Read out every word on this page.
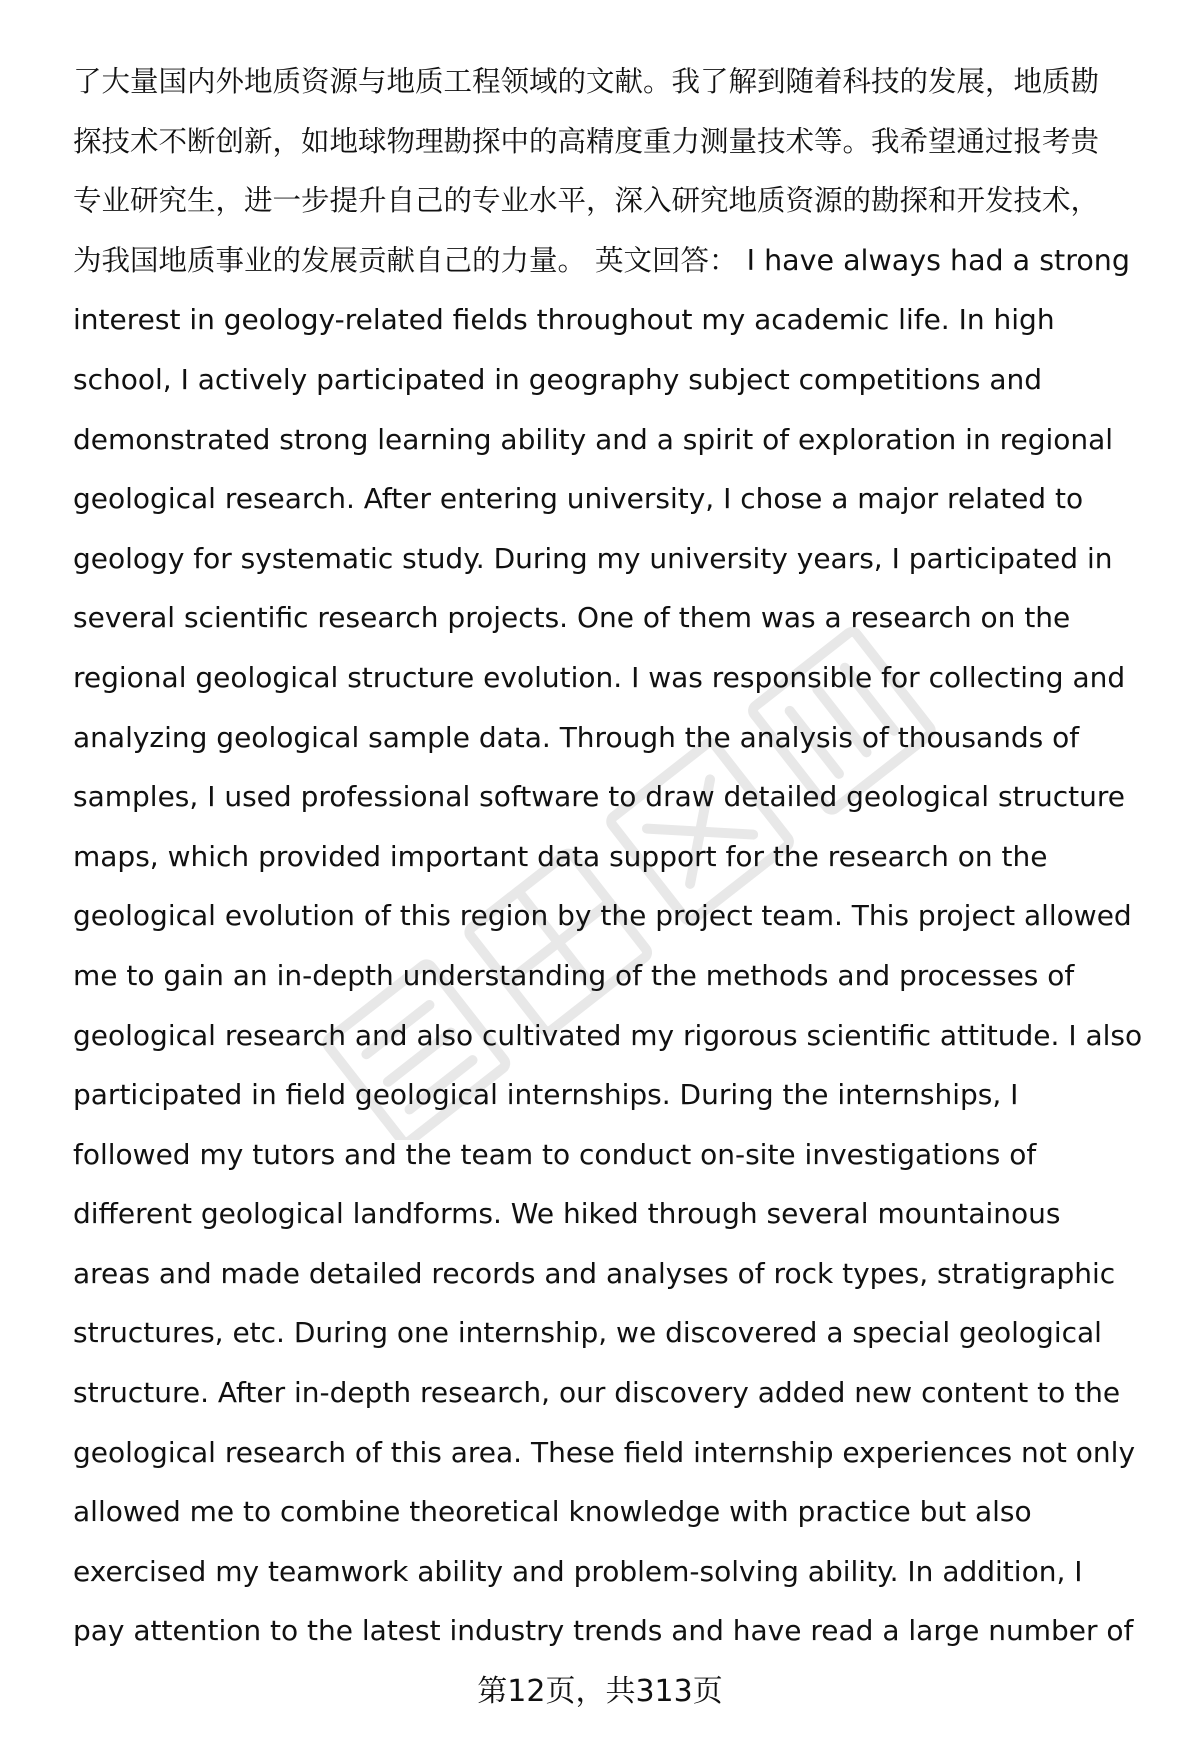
了大量国内外地质资源与地质工程领域的文献。我了解到随着科技的发展，地质勘
探技术不断创新，如地球物理勘探中的高精度重力测量技术等。我希望通过报考贵
专业研究生，进一步提升自己的专业水平，深入研究地质资源的勘探和开发技术，
为我国地质事业的发展贡献自己的力量。 英文回答： I have always had a strong
interest in geology-related fields throughout my academic life. In high
school, I actively participated in geography subject competitions and
demonstrated strong learning ability and a spirit of exploration in regional
geological research. After entering university, I chose a major related to
geology for systematic study. During my university years, I participated in
several scientific research projects. One of them was a research on the
regional geological structure evolution. I was responsible for collecting and
analyzing geological sample data. Through the analysis of thousands of
samples, I used professional software to draw detailed geological structure
maps, which provided important data support for the research on the
geological evolution of this region by the project team. This project allowed
me to gain an in-depth understanding of the methods and processes of
geological research and also cultivated my rigorous scientific attitude. I also
participated in field geological internships. During the internships, I
followed my tutors and the team to conduct on-site investigations of
different geological landforms. We hiked through several mountainous
areas and made detailed records and analyses of rock types, stratigraphic
structures, etc. During one internship, we discovered a special geological
structure. After in-depth research, our discovery added new content to the
geological research of this area. These field internship experiences not only
allowed me to combine theoretical knowledge with practice but also
exercised my teamwork ability and problem-solving ability. In addition, I
pay attention to the latest industry trends and have read a large number of
第12页，共313页
